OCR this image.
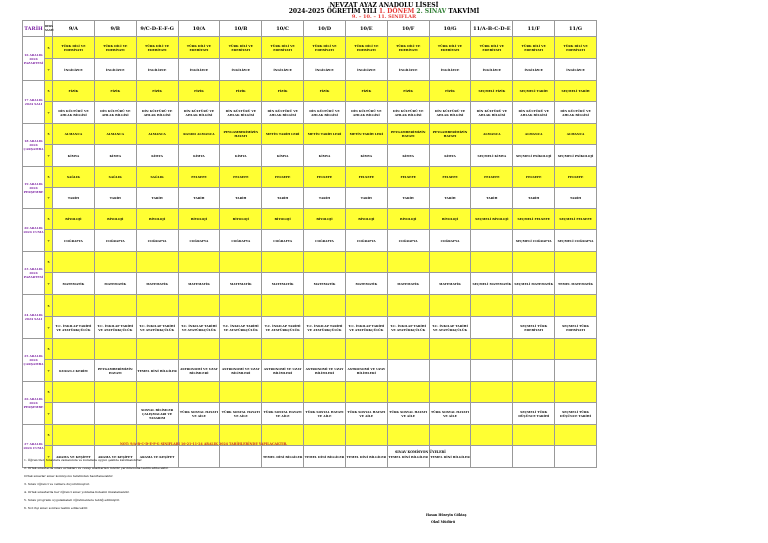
NEVZAT AYAZ ANADOLU LİSESİ
2024-2025 ÖĞRETİM YILI 1. DÖNEM 2. SINAV TAKVİMİ
9. – 10. – 11. SINIFLAR
TARİH	DERS SAATİ	9/A	9/B	9/C-D-E-F-G	10/A	10/B	10/C	10/D	10/E	10/F	10/G	11/A-B-C-D-E	11/F	11/G
16 ARALIK 2024 PAZARTESİ	5	TÜRK DİLİ VE EDEBİYATI	TÜRK DİLİ VE EDEBİYATI	TÜRK DİLİ VE EDEBİYATI	TÜRK DİLİ VE EDEBİYATI	TÜRK DİLİ VE EDEBİYATI	TÜRK DİLİ VE EDEBİYATI	TÜRK DİLİ VE EDEBİYATI	TÜRK DİLİ VE EDEBİYATI	TÜRK DİLİ VE EDEBİYATI	TÜRK DİLİ VE EDEBİYATI	TÜRK DİLİ VE EDEBİYATI	TÜRK DİLİ VE EDEBİYATI	TÜRK DİLİ VE EDEBİYATI
	7	İNGİLİZCE	İNGİLİZCE	İNGİLİZCE	İNGİLİZCE	İNGİLİZCE	İNGİLİZCE	İNGİLİZCE	İNGİLİZCE	İNGİLİZCE	İNGİLİZCE	İNGİLİZCE	İNGİLİZCE	İNGİLİZCE
17 ARALIK 2024 SALI	5	FİZİK	FİZİK	FİZİK	FİZİK	FİZİK	FİZİK	FİZİK	FİZİK	FİZİK	FİZİK	SEÇMELİ FİZİK	SEÇMELİ TARİH	SEÇMELİ TARİH
	7	DİN KÜLTÜRÜ VE AHLAK BİLGİSİ	DİN KÜLTÜRÜ VE AHLAK BİLGİSİ	DİN KÜLTÜRÜ VE AHLAK BİLGİSİ	DİN KÜLTÜRÜ VE AHLAK BİLGİSİ	DİN KÜLTÜRÜ VE AHLAK BİLGİSİ	DİN KÜLTÜRÜ VE AHLAK BİLGİSİ	DİN KÜLTÜRÜ VE AHLAK BİLGİSİ	DİN KÜLTÜRÜ VE AHLAK BİLGİSİ	DİN KÜLTÜRÜ VE AHLAK BİLGİSİ	DİN KÜLTÜRÜ VE AHLAK BİLGİSİ	DİN KÜLTÜRÜ VE AHLAK BİLGİSİ	DİN KÜLTÜRÜ VE AHLAK BİLGİSİ	DİN KÜLTÜRÜ VE AHLAK BİLGİSİ
18 ARALIK 2024 ÇARŞAMBA	5	ALMANCA	ALMANCA	ALMANCA	RANDO ALMANCA	PEYGAMBERİMİZİN HAYATI	METİN TARİH LERİ	METİN TARİH LERİ	METİN TARİH LERİ	PEYGAMBERİMİZİN HAYATI	PEYGAMBERİMİZİN HAYATI	ALMANCA	ALMANCA	ALMANCA
	7	KİMYA	KİMYA	KİMYA	KİMYA	KİMYA	KİMYA	KİMYA	KİMYA	KİMYA	KİMYA	SEÇMELİ KİMYA	SEÇMELİ PSİKOLOJİ	SEÇMELİ PSİKOLOJİ
19 ARALIK 2024 PERŞEMBE	5	SAĞLIK	SAĞLIK	SAĞLIK	FELSEFE	FELSEFE	FELSEFE	FELSEFE	FELSEFE	FELSEFE	FELSEFE	FELSEFE	FELSEFE	FELSEFE
	7	TARİH	TARİH	TARİH	TARİH	TARİH	TARİH	TARİH	TARİH	TARİH	TARİH	TARİH	TARİH	TARİH
20 ARALIK 2024 CUMA	5	BİYOLOJİ	BİYOLOJİ	BİYOLOJİ	BİYOLOJİ	BİYOLOJİ	BİYOLOJİ	BİYOLOJİ	BİYOLOJİ	BİYOLOJİ	BİYOLOJİ	SEÇMELİ BİYOLOJİ	SEÇMELİ FELSEFE	SEÇMELİ FELSEFE
	7	COĞRAFYA	COĞRAFYA	COĞRAFYA	COĞRAFYA	COĞRAFYA	COĞRAFYA	COĞRAFYA	COĞRAFYA	COĞRAFYA	COĞRAFYA		SEÇMELİ COĞRAFYA	SEÇMELİ COĞRAFYA
23 ARALIK 2024 PAZARTESİ	5													
	7	MATEMATİK	MATEMATİK	MATEMATİK	MATEMATİK	MATEMATİK	MATEMATİK	MATEMATİK	MATEMATİK	MATEMATİK	MATEMATİK	SEÇMELİ MATEMATİK	SEÇMELİ MATEMATİK	TEMEL MATEMATİK
24 ARALIK 2024 SALI	5													
	7	T.C. İNKILAP TARİHİ VE ATATÜRKÇÜLÜK	T.C. İNKILAP TARİHİ VE ATATÜRKÇÜLÜK	T.C. İNKILAP TARİHİ VE ATATÜRKÇÜLÜK	T.C. İNKILAP TARİHİ VE ATATÜRKÇÜLÜK	T.C. İNKILAP TARİHİ VE ATATÜRKÇÜLÜK	T.C. İNKILAP TARİHİ VE ATATÜRKÇÜLÜK	T.C. İNKILAP TARİHİ VE ATATÜRKÇÜLÜK	T.C. İNKILAP TARİHİ VE ATATÜRKÇÜLÜK	T.C. İNKILAP TARİHİ VE ATATÜRKÇÜLÜK	T.C. İNKILAP TARİHİ VE ATATÜRKÇÜLÜK		SEÇMELİ TÜRK EDEBİYATI	SEÇMELİ TÜRK EDEBİYATI
25 ARALIK 2024 ÇARŞAMBA	5													
	7	KURAN-I KERİM	PEYGAMBERİMİZİN HAYATI	TEMEL DİNİ BİLGİLER	ASTRONOMİ VE UZAY BİLİMLERİ	ASTRONOMİ VE UZAY BİLİMLERİ	ASTRONOMİ VE UZAY BİLİMLERİ	ASTRONOMİ VE UZAY BİLİMLERİ	ASTRONOMİ VE UZAY BİLİMLERİ					
26 ARALIK 2024 PERŞEMBE	5													
	7			SOSYAL BİLİMLER ÇALIŞMALARI VE TASARIM	TÜRK SOSYAL HAYATI VE AİLE	TÜRK SOSYAL HAYATI VE AİLE	TÜRK SOSYAL HAYATI VE AİLE	TÜRK SOSYAL HAYATI VE AİLE	TÜRK SOSYAL HAYATI VE AİLE	TÜRK SOSYAL HAYATI VE AİLE	TÜRK SOSYAL HAYATI VE AİLE		SEÇMELİ TÜRK DÜŞÜNCE TARİHİ	SEÇMELİ TÜRK DÜŞÜNCE TARİHİ
27 ARALIK 2024 CUMA	5													
	7	ARAMA VE KEŞİFET	ARAMA VE KEŞİFET	ARAMA VE KEŞİFET			TEMEL DİNİ BİLGİLER	TEMEL DİNİ BİLGİLER	TEMEL DİNİ BİLGİLER	TEMEL DİNİ BİLGİLER	TEMEL DİNİ BİLGİLER			
NOT: 9/A-B-C-D-E-F-G SINIFLARI 16-21-11-24 ARALIK 2024 TARİHLERİNDE YAPILACAKTIR.
SINAV KOMİSYON ÜYELERİ
1. Öğrenciler, Sınavlara zamanında ve kurallara uygun şekilde katılmalıdırlar.
2. Ortak sınavlarda sınav evrakları ve cevap anahtarları müdür yardımcısına teslim edilecektir.
Ortak sınavlar sınav komisyonu tarafından hazırlanacaktır.
3. Sınav öğrenci ve velilere duyurulmuştur.
4. Ortak sınavlarda her öğrenci sınav yoklama listesini imzalamalıdır.
5. Sınav programı uygulamaları öğretmenlere tebliğ edilmiştir.
6. Not fişi sınav sonrası teslim edilecektir.
Hasan Hüseyin Göktaş
Okul Müdürü
